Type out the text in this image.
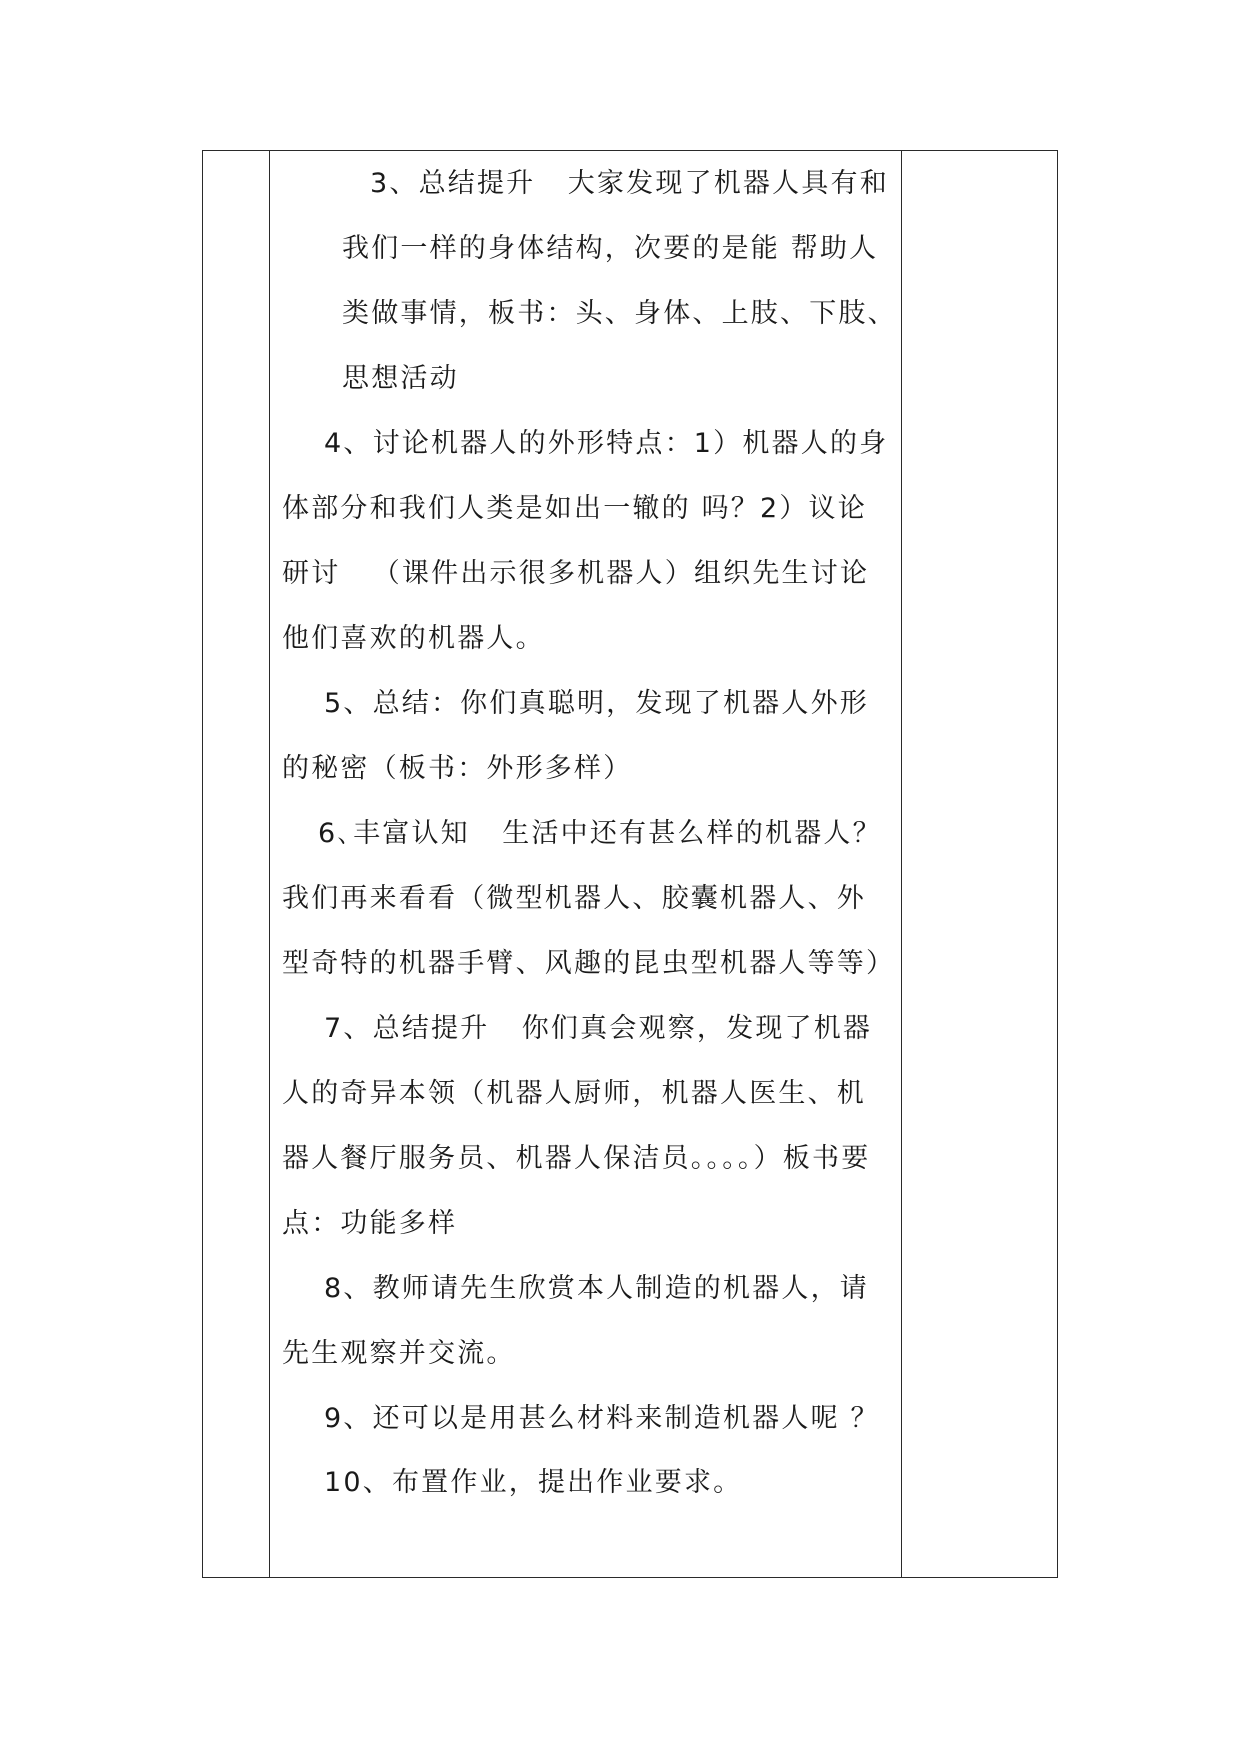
3、总结提升   大家发现了机器人具有和
我们一样的身体结构，次要的是能 帮助人
类做事情，板书：头、身体、上肢、下肢、
思想活动
4、讨论机器人的外形特点：1）机器人的身
体部分和我们人类是如出一辙的 吗？2）议论
研讨   （课件出示很多机器人）组织先生讨论
他们喜欢的机器人。
5、总结：你们真聪明，发现了机器人外形
的秘密（板书：外形多样）
6､丰富认知   生活中还有甚么样的机器人？
我们再来看看（微型机器人、胶囊机器人、外
型奇特的机器手臂、风趣的昆虫型机器人等等）
7、总结提升   你们真会观察，发现了机器
人的奇异本领（机器人厨师，机器人医生、机
器人餐厅服务员、机器人保洁员。。。。）板书要
点：功能多样
8、教师请先生欣赏本人制造的机器人，请
先生观察并交流。
9、还可以是用甚么材料来制造机器人呢 ？
10、布置作业，提出作业要求。
